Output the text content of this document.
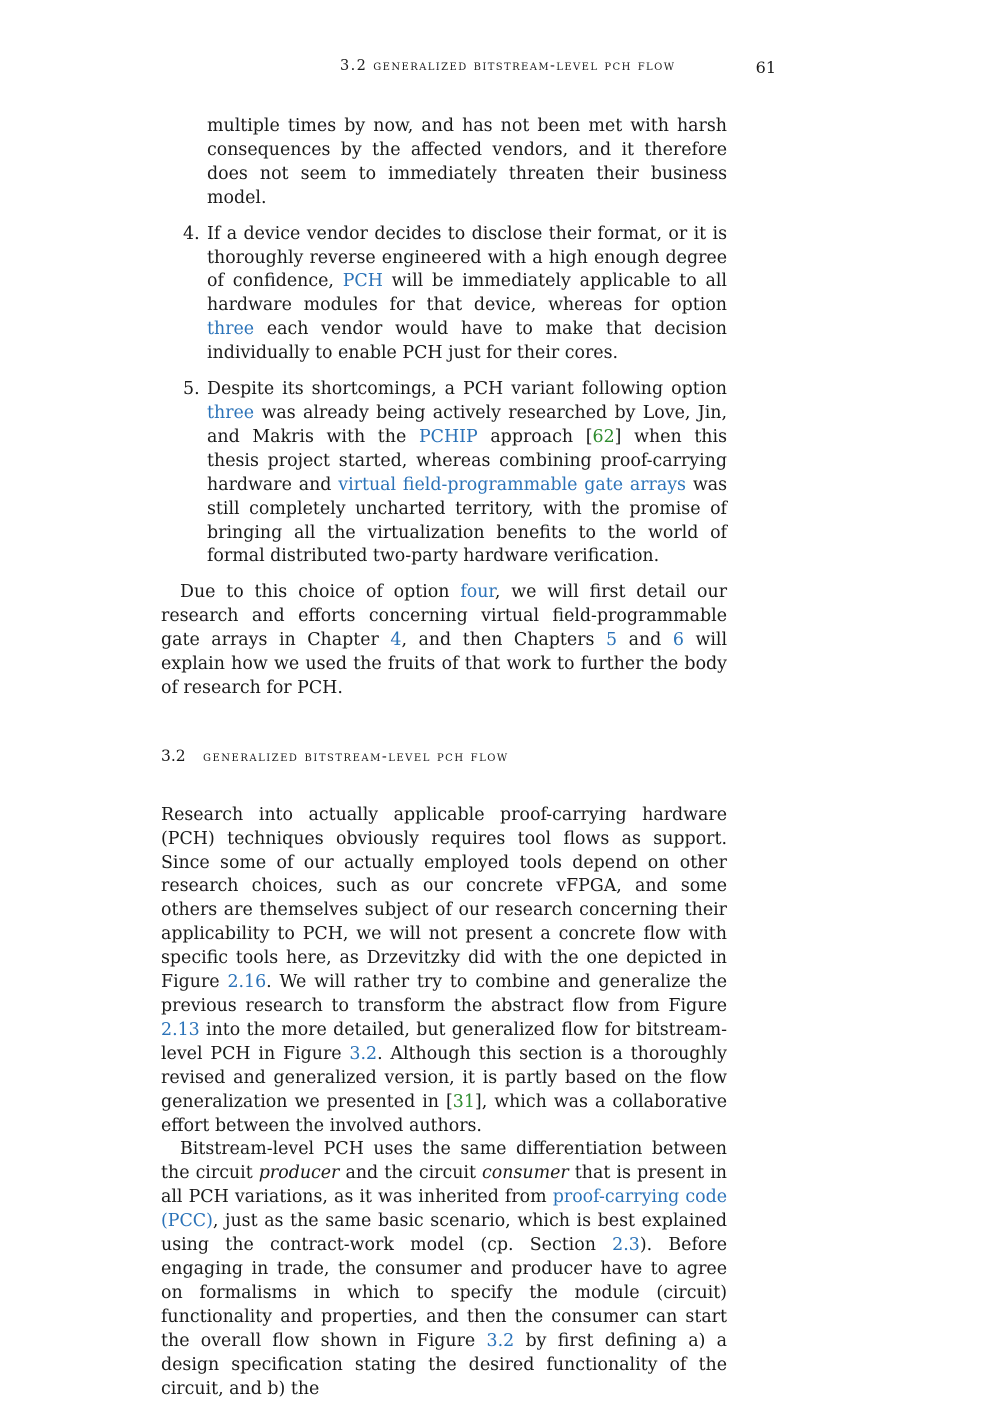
3.2 generalized bitstream-level pch flow	61

multiple times by now, and has not been met with harsh consequences by the affected vendors, and it therefore does not seem to immediately threaten their business model.

4. If a device vendor decides to disclose their format, or it is thoroughly reverse engineered with a high enough degree of confidence, PCH will be immediately applicable to all hardware modules for that device, whereas for option three each vendor would have to make that decision individually to enable PCH just for their cores.

5. Despite its shortcomings, a PCH variant following option three was already being actively researched by Love, Jin, and Makris with the PCHIP approach [62] when this thesis project started, whereas combining proof-carrying hardware and virtual field-programmable gate arrays was still completely uncharted territory, with the promise of bringing all the virtualization benefits to the world of formal distributed two-party hardware verification.

Due to this choice of option four, we will first detail our research and efforts concerning virtual field-programmable gate arrays in Chapter 4, and then Chapters 5 and 6 will explain how we used the fruits of that work to further the body of research for PCH.

3.2 generalized bitstream-level pch flow

Research into actually applicable proof-carrying hardware (PCH) techniques obviously requires tool flows as support. Since some of our actually employed tools depend on other research choices, such as our concrete vFPGA, and some others are themselves subject of our research concerning their applicability to PCH, we will not present a concrete flow with specific tools here, as Drzevitzky did with the one depicted in Figure 2.16. We will rather try to combine and generalize the previous research to transform the abstract flow from Figure 2.13 into the more detailed, but generalized flow for bitstream-level PCH in Figure 3.2. Although this section is a thoroughly revised and generalized version, it is partly based on the flow generalization we presented in [31], which was a collaborative effort between the involved authors.

Bitstream-level PCH uses the same differentiation between the circuit producer and the circuit consumer that is present in all PCH variations, as it was inherited from proof-carrying code (PCC), just as the same basic scenario, which is best explained using the contract-work model (cp. Section 2.3). Before engaging in trade, the consumer and producer have to agree on formalisms in which to specify the module (circuit) functionality and properties, and then the consumer can start the overall flow shown in Figure 3.2 by first defining a) a design specification stating the desired functionality of the circuit, and b) the
